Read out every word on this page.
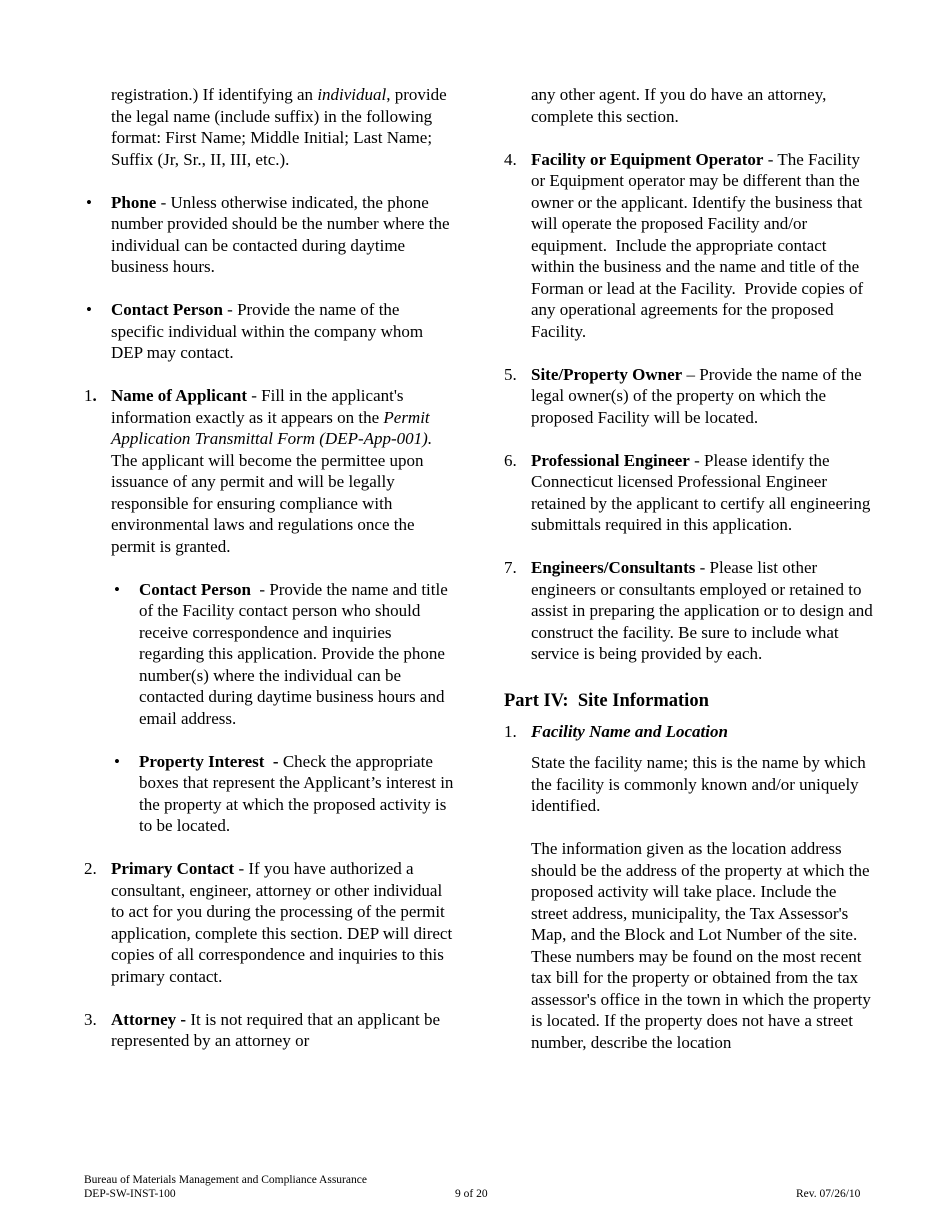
registration.) If identifying an individual, provide the legal name (include suffix) in the following format: First Name; Middle Initial; Last Name; Suffix (Jr, Sr., II, III, etc.).

• Phone - Unless otherwise indicated, the phone number provided should be the number where the individual can be contacted during daytime business hours.
• Contact Person - Provide the name of the specific individual within the company whom DEP may contact.
1. Name of Applicant - Fill in the applicant's information exactly as it appears on the Permit Application Transmittal Form (DEP-App-001). The applicant will become the permittee upon issuance of any permit and will be legally responsible for ensuring compliance with environmental laws and regulations once the permit is granted.
• Contact Person  - Provide the name and title of the Facility contact person who should receive correspondence and inquiries regarding this application. Provide the phone number(s) where the individual can be contacted during daytime business hours and email address.
• Property Interest  - Check the appropriate boxes that represent the Applicant’s interest in the property at which the proposed activity is to be located.
2. Primary Contact - If you have authorized a consultant, engineer, attorney or other individual to act for you during the processing of the permit application, complete this section. DEP will direct copies of all correspondence and inquiries to this primary contact.
3. Attorney - It is not required that an applicant be represented by an attorney or

any other agent. If you do have an attorney, complete this section.

4. Facility or Equipment Operator - The Facility or Equipment operator may be different than the owner or the applicant. Identify the business that will operate the proposed Facility and/or equipment.  Include the appropriate contact within the business and the name and title of the Forman or lead at the Facility.  Provide copies of any operational agreements for the proposed Facility.
5. Site/Property Owner – Provide the name of the legal owner(s) of the property on which the proposed Facility will be located.
6. Professional Engineer - Please identify the Connecticut licensed Professional Engineer retained by the applicant to certify all engineering submittals required in this application.
7. Engineers/Consultants - Please list other engineers or consultants employed or retained to assist in preparing the application or to design and construct the facility. Be sure to include what service is being provided by each.
Part IV:  Site Information
1. Facility Name and Location

State the facility name; this is the name by which the facility is commonly known and/or uniquely identified.

The information given as the location address should be the address of the property at which the proposed activity will take place. Include the street address, municipality, the Tax Assessor's Map, and the Block and Lot Number of the site. These numbers may be found on the most recent tax bill for the property or obtained from the tax assessor's office in the town in which the property is located. If the property does not have a street number, describe the location

Bureau of Materials Management and Compliance Assurance
DEP-SW-INST-100	9 of 20	Rev. 07/26/10
